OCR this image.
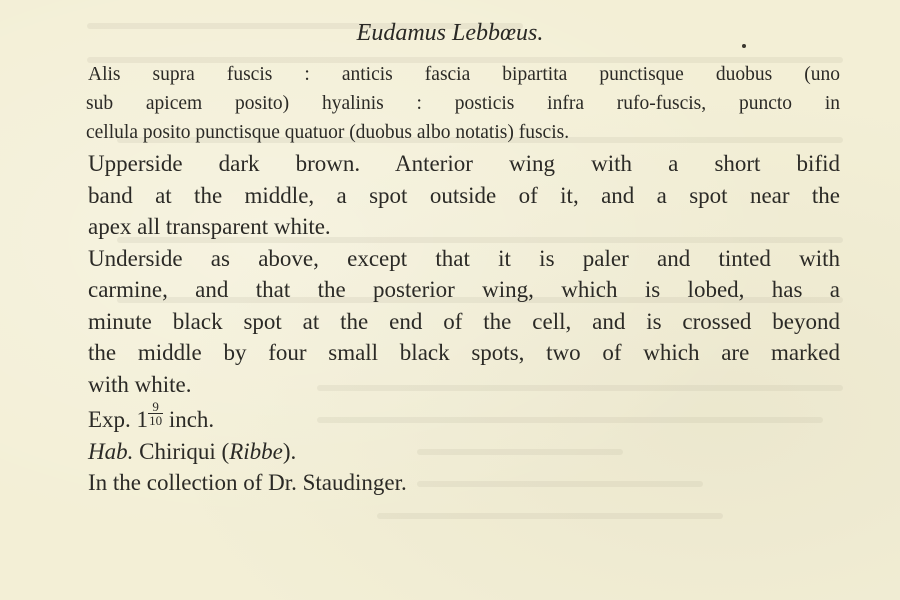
Eudamus Lebbœus.
Alis supra fuscis : anticis fascia bipartita punctisque duobus (uno
sub apicem posito) hyalinis : posticis infra rufo-fuscis, puncto in
cellula posito punctisque quatuor (duobus albo notatis) fuscis.
Upperside dark brown. Anterior wing with a short bifid
band at the middle, a spot outside of it, and a spot near the
apex all transparent white.
Underside as above, except that it is paler and tinted with
carmine, and that the posterior wing, which is lobed, has a
minute black spot at the end of the cell, and is crossed beyond
the middle by four small black spots, two of which are marked
with white.
Exp. $1 \frac{9}{10}$ inch.
Hab. Chiriqui (Ribbe).
In the collection of Dr. Staudinger.
